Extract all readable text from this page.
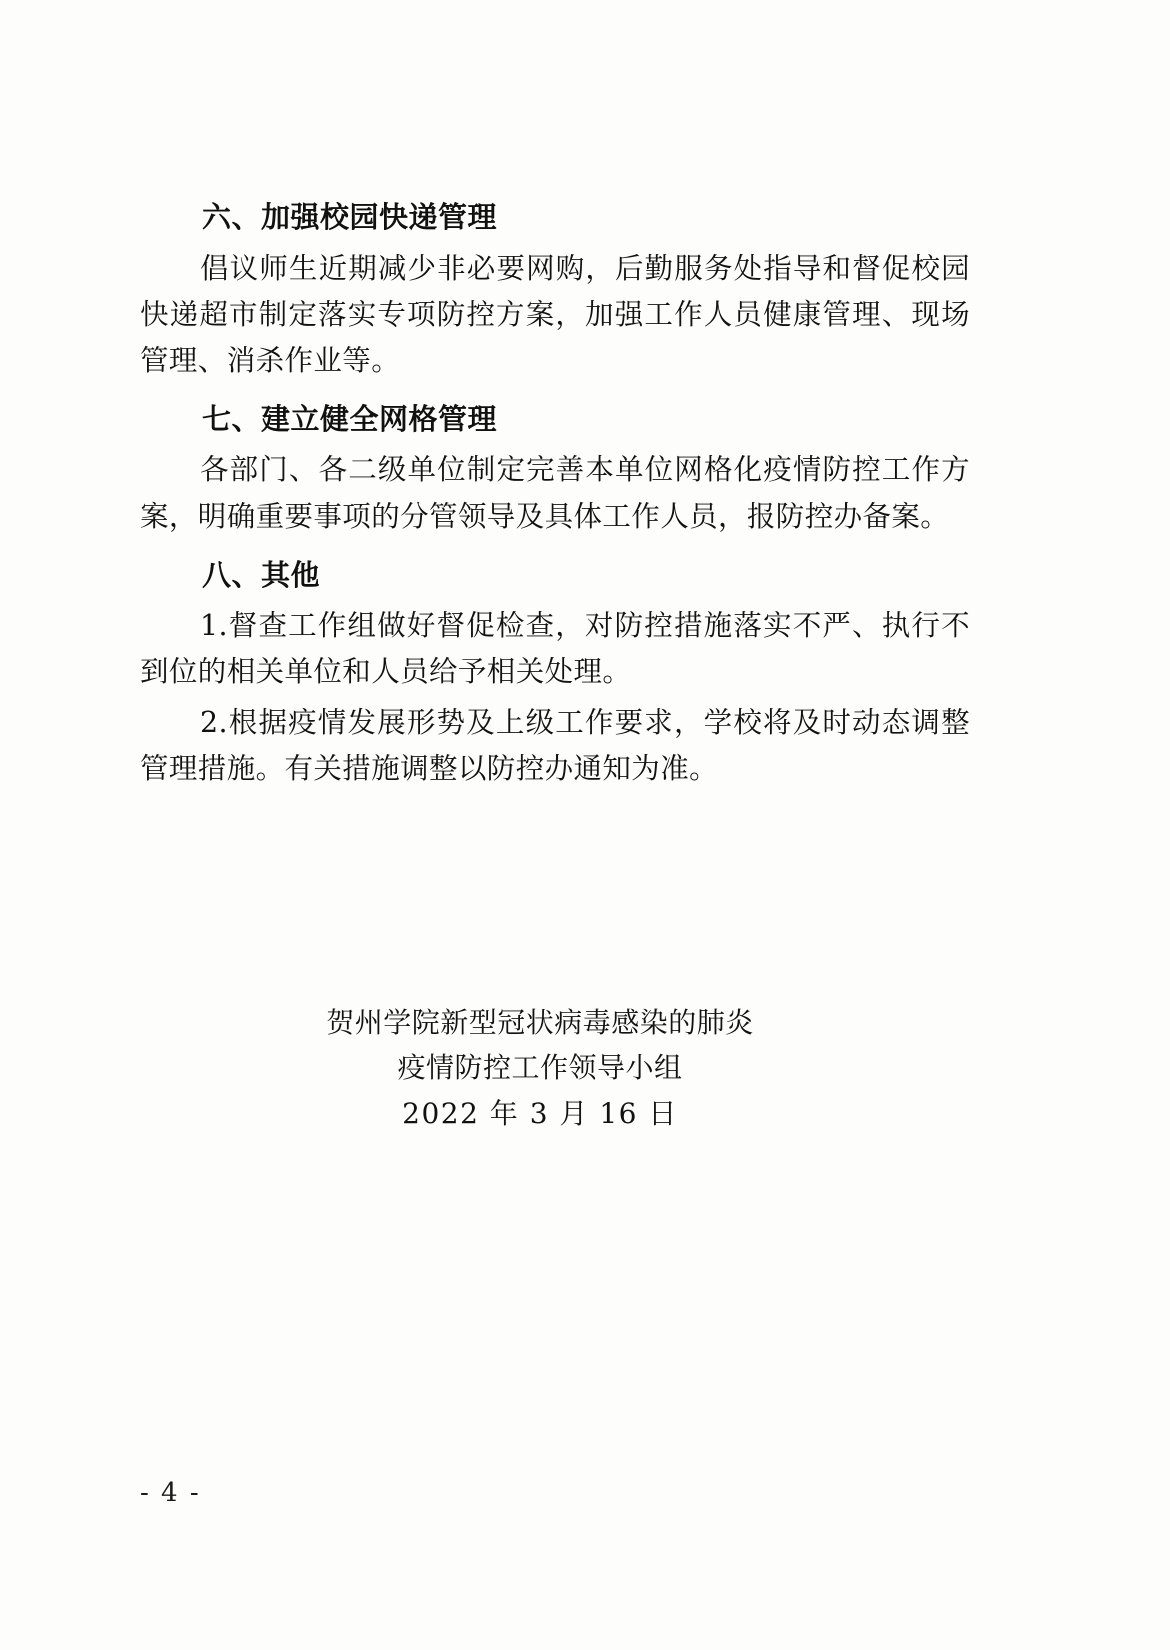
六、加强校园快递管理
倡议师生近期减少非必要网购，后勤服务处指导和督促校园快递超市制定落实专项防控方案，加强工作人员健康管理、现场管理、消杀作业等。
七、建立健全网格管理
各部门、各二级单位制定完善本单位网格化疫情防控工作方案，明确重要事项的分管领导及具体工作人员，报防控办备案。
八、其他
1.督查工作组做好督促检查，对防控措施落实不严、执行不到位的相关单位和人员给予相关处理。
2.根据疫情发展形势及上级工作要求，学校将及时动态调整管理措施。有关措施调整以防控办通知为准。
贺州学院新型冠状病毒感染的肺炎
疫情防控工作领导小组
2022 年 3 月 16 日
- 4 -
